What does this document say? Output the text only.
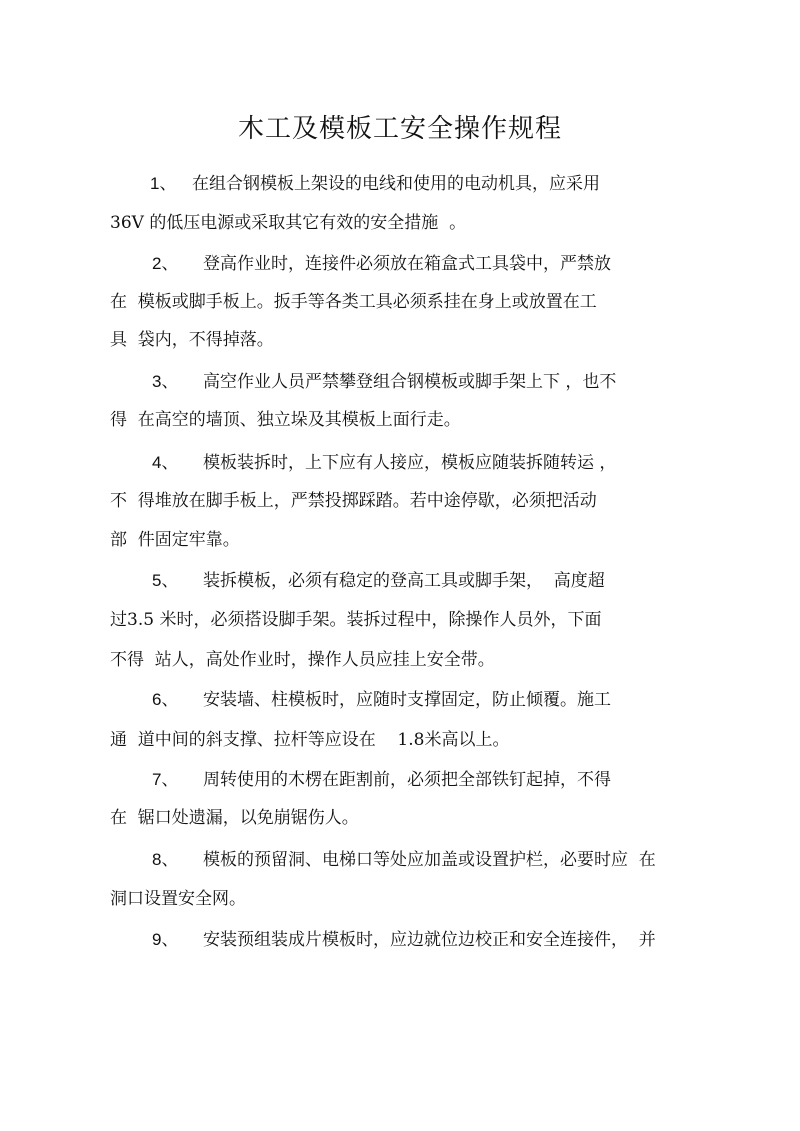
木工及模板工安全操作规程
1、 在组合钢模板上架设的电线和使用的电动机具，应采用
36V 的低压电源或采取其它有效的安全措施  。
2、 登高作业时，连接件必须放在箱盒式工具袋中，严禁放
在  模板或脚手板上。扳手等各类工具必须系挂在身上或放置在工
具  袋内，不得掉落。
3、 高空作业人员严禁攀登组合钢模板或脚手架上下 ，也不
得  在高空的墙顶、独立垛及其模板上面行走。
4、 模板装拆时，上下应有人接应，模板应随装拆随转运 ，
不  得堆放在脚手板上，严禁投掷踩踏。若中途停歇，必须把活动
部  件固定牢靠。
5、 装拆模板，必须有稳定的登高工具或脚手架，  高度超
过3.5 米时，必须搭设脚手架。装拆过程中，除操作人员外，下面
不得  站人，高处作业时，操作人员应挂上安全带。
6、 安装墙、柱模板时，应随时支撑固定，防止倾覆。施工
通  道中间的斜支撑、拉杆等应设在    1.8米高以上。
7、 周转使用的木楞在距割前，必须把全部铁钉起掉，不得
在  锯口处遗漏，以免崩锯伤人。
8、 模板的预留洞、电梯口等处应加盖或设置护栏，必要时应  在
洞口设置安全网。
9、 安装预组装成片模板时，应边就位边校正和安全连接件，  并
